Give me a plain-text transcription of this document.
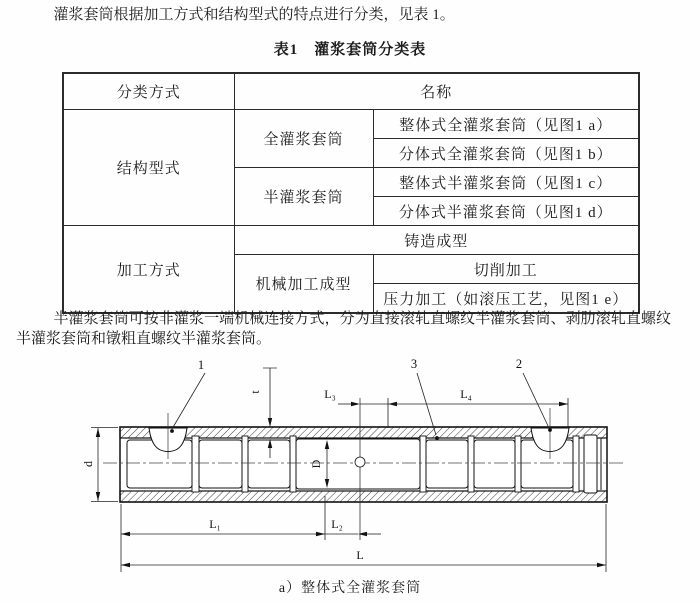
灌浆套筒根据加工方式和结构型式的特点进行分类，见表 1。
表1　灌浆套筒分类表
分类方式	名称	
结构型式	全灌浆套筒	整体式全灌浆套筒（见图1 a）
		分体式全灌浆套筒（见图1 b）
	半灌浆套筒	整体式半灌浆套筒（见图1 c）
		分体式半灌浆套筒（见图1 d）
加工方式	铸造成型	
	机械加工成型	切削加工
		压力加工（如滚压工艺，见图1 e）
半灌浆套筒可按非灌浆一端机械连接方式，分为直接滚轧直螺纹半灌浆套筒、剥肋滚轧直螺纹半灌浆套筒和镦粗直螺纹半灌浆套筒。
d
t
D
L₃	L₄
L₁	L₂
L
1	3	2
a）整体式全灌浆套筒
